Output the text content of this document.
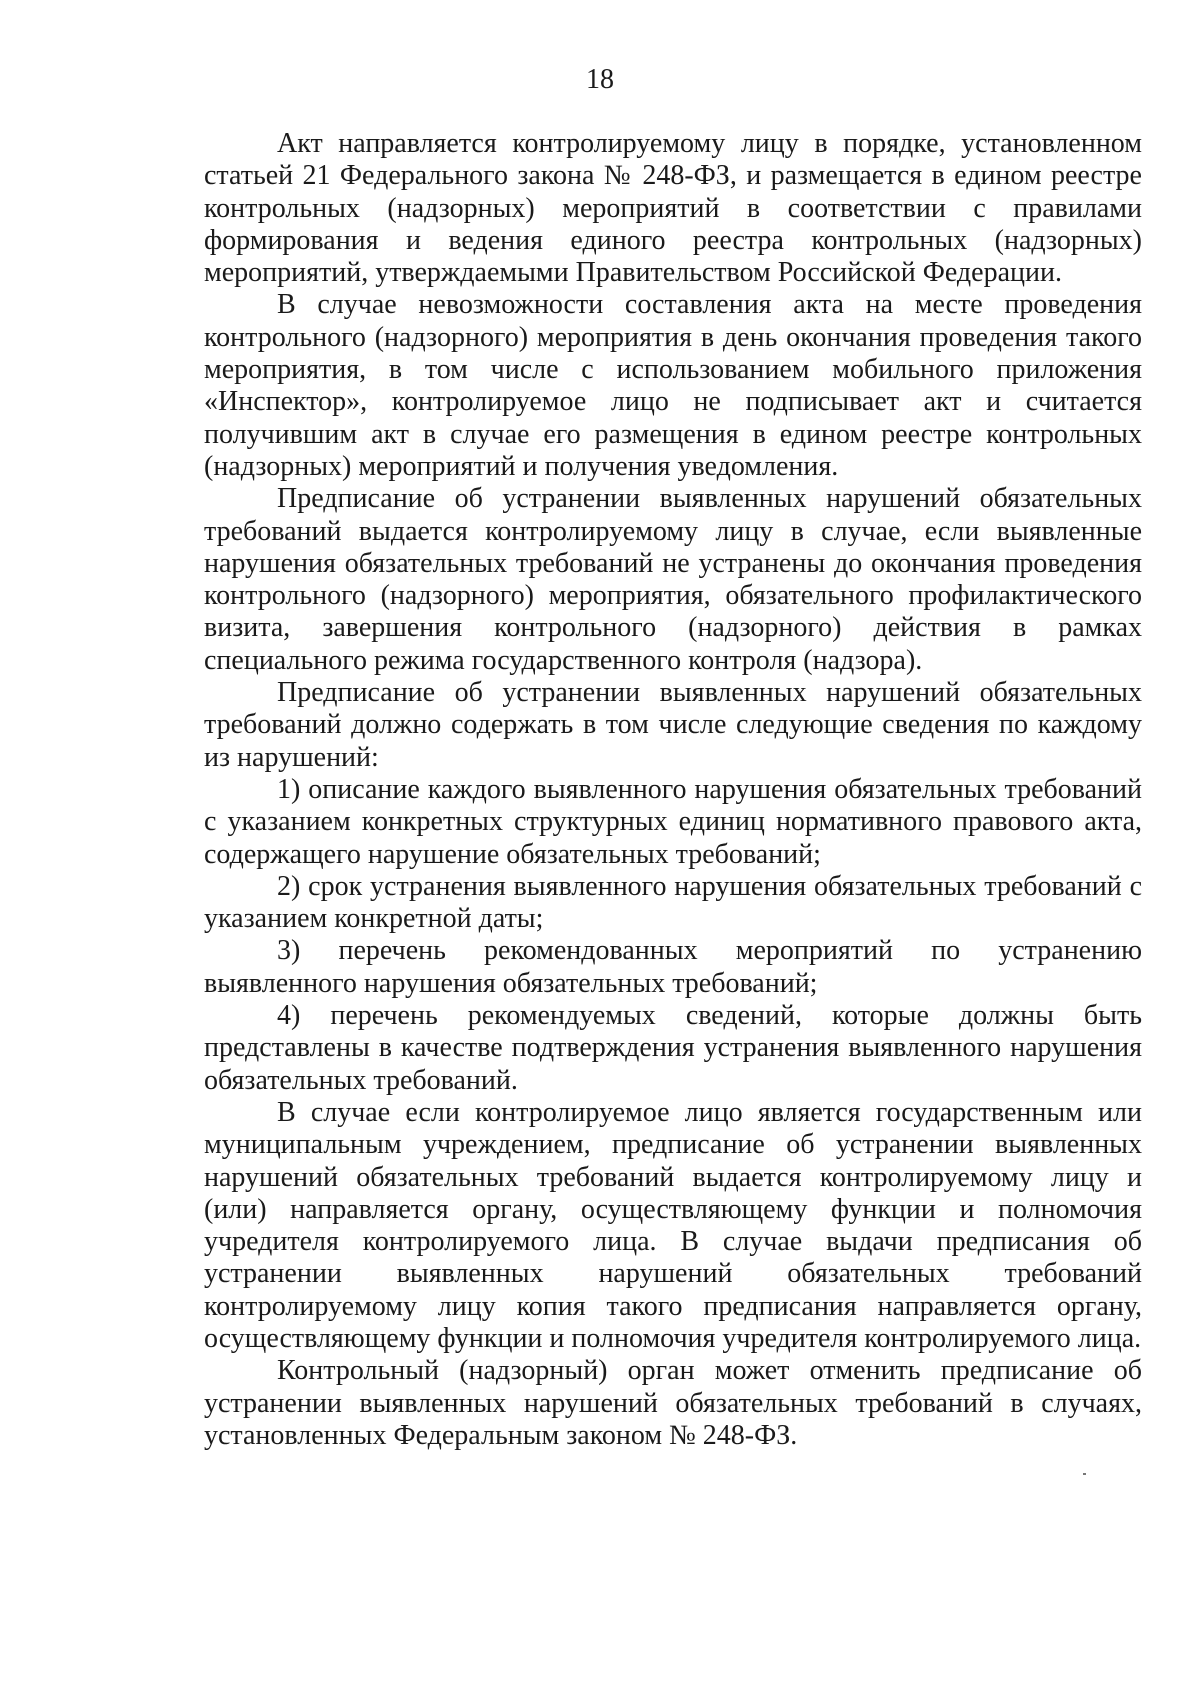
18

Акт направляется контролируемому лицу в порядке, установленном статьей 21 Федерального закона № 248-ФЗ, и размещается в едином реестре контрольных (надзорных) мероприятий в соответствии с правилами формирования и ведения единого реестра контрольных (надзорных) мероприятий, утверждаемыми Правительством Российской Федерации.

В случае невозможности составления акта на месте проведения контрольного (надзорного) мероприятия в день окончания проведения такого мероприятия, в том числе с использованием мобильного приложения «Инспектор», контролируемое лицо не подписывает акт и считается получившим акт в случае его размещения в едином реестре контрольных (надзорных) мероприятий и получения уведомления.

Предписание об устранении выявленных нарушений обязательных требований выдается контролируемому лицу в случае, если выявленные нарушения обязательных требований не устранены до окончания проведения контрольного (надзорного) мероприятия, обязательного профилактического визита, завершения контрольного (надзорного) действия в рамках специального режима государственного контроля (надзора).

Предписание об устранении выявленных нарушений обязательных требований должно содержать в том числе следующие сведения по каждому из нарушений:

1) описание каждого выявленного нарушения обязательных требований с указанием конкретных структурных единиц нормативного правового акта, содержащего нарушение обязательных требований;

2) срок устранения выявленного нарушения обязательных требований с указанием конкретной даты;

3) перечень рекомендованных мероприятий по устранению выявленного нарушения обязательных требований;

4) перечень рекомендуемых сведений, которые должны быть представлены в качестве подтверждения устранения выявленного нарушения обязательных требований.

В случае если контролируемое лицо является государственным или муниципальным учреждением, предписание об устранении выявленных нарушений обязательных требований выдается контролируемому лицу и (или) направляется органу, осуществляющему функции и полномочия учредителя контролируемого лица. В случае выдачи предписания об устранении выявленных нарушений обязательных требований контролируемому лицу копия такого предписания направляется органу, осуществляющему функции и полномочия учредителя контролируемого лица.

Контрольный (надзорный) орган может отменить предписание об устранении выявленных нарушений обязательных требований в случаях, установленных Федеральным законом № 248-ФЗ.
